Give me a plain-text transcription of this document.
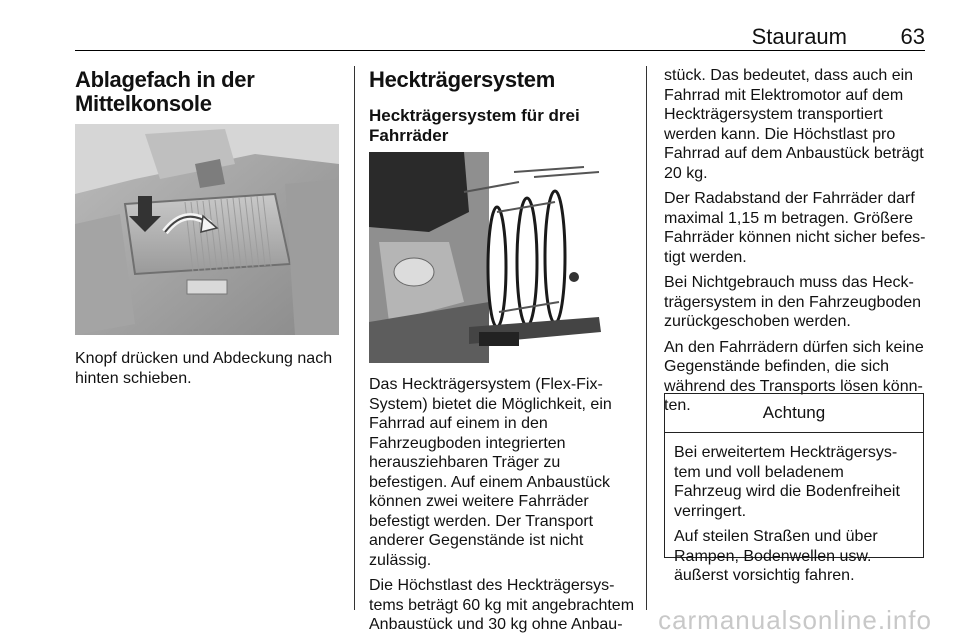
Stauraum 63
Ablagefach in der Mittelkonsole

Knopf drücken und Abdeckung nach hinten schieben.

Heckträgersystem
Heckträgersystem für drei Fahrräder

Das Heckträgersystem (Flex-Fix-System) bietet die Möglichkeit, ein Fahrrad auf einem in den Fahrzeugboden integrierten herausziehbaren Träger zu befestigen. Auf einem Anbaustück können zwei weitere Fahrräder befestigt werden. Der Transport anderer Gegenstände ist nicht zulässig.

Die Höchstlast des Heckträgersys-tems beträgt 60 kg mit angebrachtem Anbaustück und 30 kg ohne Anbau-

stück. Das bedeutet, dass auch ein Fahrrad mit Elektromotor auf dem Heckträgersystem transportiert werden kann. Die Höchstlast pro Fahrrad auf dem Anbaustück beträgt 20 kg.

Der Radabstand der Fahrräder darf maximal 1,15 m betragen. Größere Fahrräder können nicht sicher befes-tigt werden.

Bei Nichtgebrauch muss das Heck-trägersystem in den Fahrzeugboden zurückgeschoben werden.

An den Fahrrädern dürfen sich keine Gegenstände befinden, die sich während des Transports lösen könn-ten.	Achtung

Bei erweitertem Heckträgersys-tem und voll beladenem Fahrzeug wird die Bodenfreiheit verringert.

Auf steilen Straßen und über Rampen, Bodenwellen usw. äußerst vorsichtig fahren.

carmanualsonline.info
